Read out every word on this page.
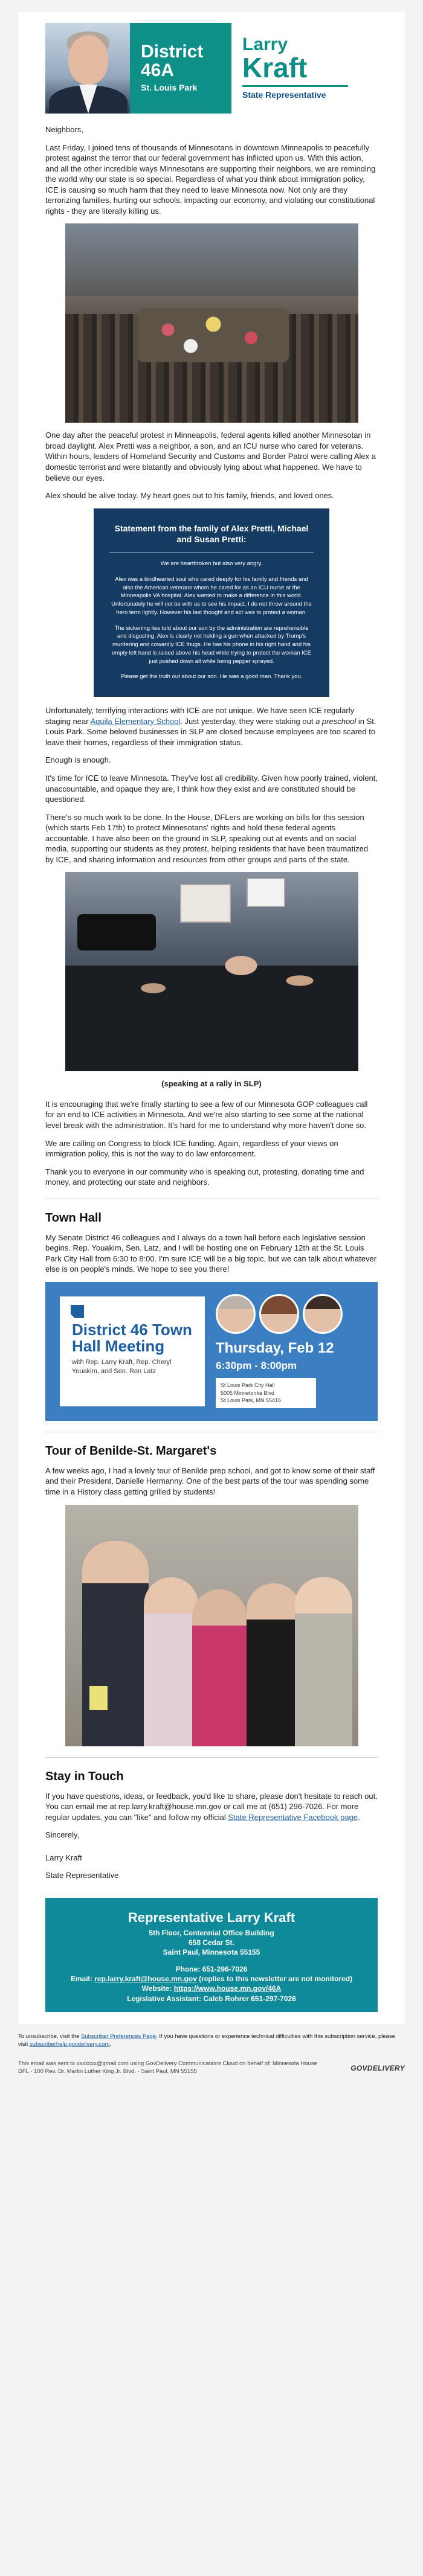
District
46A
St. Louis Park
Larry
Kraft
State Representative

Neighbors,

Last Friday, I joined tens of thousands of Minnesotans in downtown Minneapolis to peacefully protest against the terror that our federal government has inflicted upon us. With this action, and all the other incredible ways Minnesotans are supporting their neighbors, we are reminding the world why our state is so special. Regardless of what you think about immigration policy, ICE is causing so much harm that they need to leave Minnesota now. Not only are they terrorizing families, hurting our schools, impacting our economy, and violating our constitutional rights - they are literally killing us.

One day after the peaceful protest in Minneapolis, federal agents killed another Minnesotan in broad daylight. Alex Pretti was a neighbor, a son, and an ICU nurse who cared for veterans. Within hours, leaders of Homeland Security and Customs and Border Patrol were calling Alex a domestic terrorist and were blatantly and obviously lying about what happened. We have to believe our eyes.

Alex should be alive today. My heart goes out to his family, friends, and loved ones.

Statement from the family of Alex Pretti, Michael and Susan Pretti:

We are heartbroken but also very angry.

Alex was a kindhearted soul who cared deeply for his family and friends and also the American veterans whom he cared for as an ICU nurse at the Minneapolis VA hospital. Alex wanted to make a difference in this world. Unfortunately he will not be with us to see his impact. I do not throw around the hero term lightly. However his last thought and act was to protect a woman.

The sickening lies told about our son by the administration are reprehensible and disgusting. Alex is clearly not holding a gun when attacked by Trump's murdering and cowardly ICE thugs. He has his phone in his right hand and his empty left hand is raised above his head while trying to protect the woman ICE just pushed down all while being pepper sprayed.

Please get the truth out about our son. He was a good man. Thank you.

Unfortunately, terrifying interactions with ICE are not unique. We have seen ICE regularly staging near Aquila Elementary School. Just yesterday, they were staking out a preschool in St. Louis Park. Some beloved businesses in SLP are closed because employees are too scared to leave their homes, regardless of their immigration status.

Enough is enough.

It's time for ICE to leave Minnesota. They've lost all credibility. Given how poorly trained, violent, unaccountable, and opaque they are, I think how they exist and are constituted should be questioned.

There's so much work to be done. In the House, DFLers are working on bills for this session (which starts Feb 17th) to protect Minnesotans' rights and hold these federal agents accountable. I have also been on the ground in SLP, speaking out at events and on social media, supporting our students as they protest, helping residents that have been traumatized by ICE, and sharing information and resources from other groups and parts of the state.

(speaking at a rally in SLP)

It is encouraging that we're finally starting to see a few of our Minnesota GOP colleagues call for an end to ICE activities in Minnesota. And we're also starting to see some at the national level break with the administration. It's hard for me to understand why more haven't done so.

We are calling on Congress to block ICE funding. Again, regardless of your views on immigration policy, this is not the way to do law enforcement.

Thank you to everyone in our community who is speaking out, protesting, donating time and money, and protecting our state and neighbors.

Town Hall

My Senate District 46 colleagues and I always do a town hall before each legislative session begins. Rep. Youakim, Sen. Latz, and I will be hosting one on February 12th at the St. Louis Park City Hall from 6:30 to 8:00. I'm sure ICE will be a big topic, but we can talk about whatever else is on people's minds. We hope to see you there!

District 46 Town Hall Meeting
with Rep. Larry Kraft, Rep. Cheryl Youakim, and Sen. Ron Latz
Thursday, Feb 12
6:30pm - 8:00pm
St Louis Park City Hall
5005 Minnetonka Blvd
St Louis Park, MN 55416
Tour of Benilde-St. Margaret's

A few weeks ago, I had a lovely tour of Benilde prep school, and got to know some of their staff and their President, Danielle Hermanny. One of the best parts of the tour was spending some time in a History class getting grilled by students!

Stay in Touch

If you have questions, ideas, or feedback, you'd like to share, please don't hesitate to reach out. You can email me at rep.larry.kraft@house.mn.gov or call me at (651) 296-7026. For more regular updates, you can "like" and follow my official State Representative Facebook page.

Sincerely,

Larry Kraft

State Representative

Representative Larry Kraft
5th Floor, Centennial Office Building
658 Cedar St.
Saint Paul, Minnesota 55155
Phone: 651-296-7026
Email: rep.larry.kraft@house.mn.gov (replies to this newsletter are not monitored)
Website: https://www.house.mn.gov/46A
Legislative Assistant: Caleb Rohrer 651-297-7026
To unsubscribe, visit the Subscriber Preferences Page. If you have questions or experience technical difficulties with this subscription service, please visit subscriberhelp.govdelivery.com.
This email was sent to xxxxxxx@gmail.com using GovDelivery Communications Cloud on behalf of: Minnesota House DFL · 100 Rev. Dr. Martin Luther King Jr. Blvd. · Saint Paul, MN 55155	GOVDELIVERY
